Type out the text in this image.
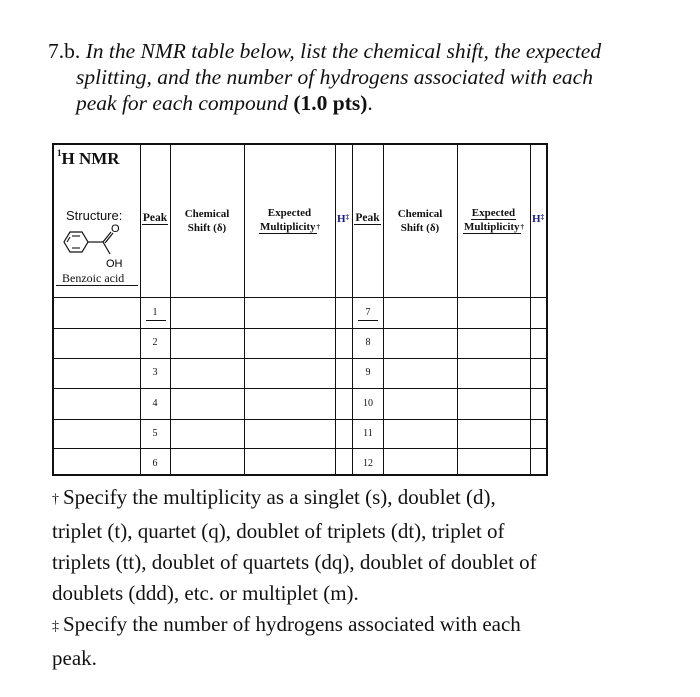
7.b. In the NMR table below, list the chemical shift, the expected
splitting, and the number of hydrogens associated with each
peak for each compound (1.0 pts).
$^1$H NMR
Structure:
O
OH
Benzoic acid
Peak	Chemical
Shift (δ)
Expected
Multiplicity†
H‡ Peak	Chemical
Shift (δ)
Expected
Multiplicity†
H‡
1
2
3
4
5
6
7
8
9
10
11
12
† Specify the multiplicity as a singlet (s), doublet (d),
triplet (t), quartet (q), doublet of triplets (dt), triplet of
triplets (tt), doublet of quartets (dq), doublet of doublet of
doublets (ddd), etc. or multiplet (m).
‡ Specify the number of hydrogens associated with each
peak.
